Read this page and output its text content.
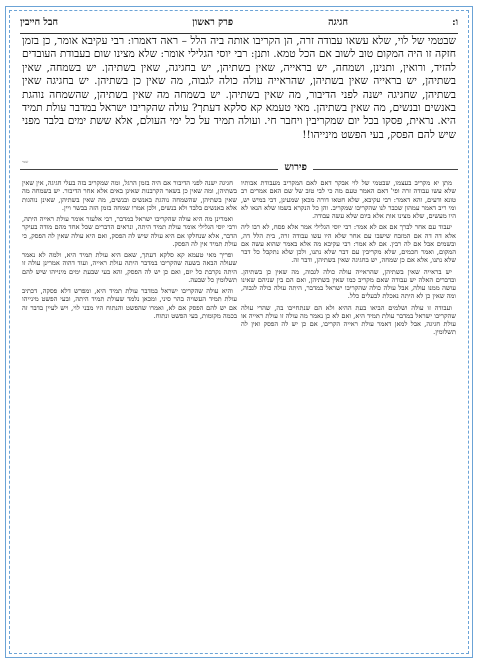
ו:
חגיגה
פרק ראשון
חבל חייבין
שבטמי של לוי, שלא עשאו עבודה זרה, הן הקריבו אותה ביה הלל – ראה דאמרו: רבי עקיבא אומר, כן בזמן חזקה זו היה המקום טוב לשוב אם הכל טמא. ותנן: רבי יוסי הגלילי אומר: שלא מצינו שום בעבודת העובדים להזיד, ורואין, ותנינן, ושמחה, יש בראייה, שאין בשתיהן, יש בחגיגה, שאין בשתיהן. יש בשמחה, שאין בשתיהן, יש בראייה שאין בשתיהן, שהראייה עולה כולה לגבוה, מה שאין כן בשתיהן. יש בחגיגה שאין בשתיהן, שחגיגה ישנה לפני הדיבור, מה שאין בשתיהן. יש בשמחה מה שאין בשתיהן, שהשמחה נוהגת באנשים ובנשים, מה שאין בשתיהן. מאי טעמא קא סלקא דעתך? עולה שהקריבו ישראל במדבר עולת תמיד היא. נראית, פסקו בכל יום שמקריבין ויחבר חי. ועולה תמיד על כל ימי העולם, אלא ששת ימים בלבד מפני שיש להם הפסק, בעי הפשט מינייהו!!
שנוי
פירוש

מתן יא מקריב בעצמו, שבטמי של לוי אבקר דאם לאם המקריב מעבודת אבותיו שלא עשו עבודה זרה ופי' דאם האמר טעם מה כי לבי טוב של שם האם אמרים רב טונא ודעים, והא דאמר: רבי עקיבא, שלא חטאו דורה מכאן שמעינן, דבי במיש יש, ומי ריב דאמר עמהון שכבר לנו שהקריבו שמקריב. והן כל הנקרא בשמו שלא הנאו לא היו מעשים, שלא מצינו אות אלא ביום שלא עשה עבודה.

יעבוד עם אחר לברך אם אם לא אמר: רבי יוסי הגלילי אמר אלא פסח, לא רבו ליה אלא דה דה אם המזבח שישבו עם אחר שלא היו עשו עבודה זרה, בית הלל דה, ובשמים אבל אם לה רבין. אם לא אמר: רבי עקיבא מה אלא באמר שהוא עשה אם המקום, ואמר חכמים, שלא מקריבין עם דבר שלא נתנו, ולכן שלא נתקבל כל דבר שלא נתנו, אלא אם כן שמחה, יש בחגיגה שאין בשתיהן, ודבר זה.

יש בראייה שאין בשתיהן, שהראייה עולה כולה לגבוה, מה שאין כן בשתיהן. ובדברים האלה יש עבודה שאם מקריב כמו שאין בשתיהן, ואם הם בין שניהם שאינו עושה ממנו עולה, אבל עולה כולה שהקריבו ישראל במדבר, היתה עולה כולה לגבוה, ומה שאין כן לא היתה נאכלת לבעלים כלל.

ועבודה זו עולה ושלמים הביאו בעת ההיא ולא הם שנתחייבו בה, שהרי עולה שהקריבו ישראל במדבר עולת תמיד היא, ואם לא כן נאמר מה עולה זו עולת ראייה או עולת חגיגה, אבל למאן דאמר עולת ראייה הקריבו, אם כן יש לה הפסק ואין לה תשלומין.

חגיגה ישנה לפני הדיבור אם היה בזמן הרגל, ומה שמקריב בזה בעלי חגיגה, אין שאין בשתיהן, ומה שאין כן בשאר הקרבנות שאינן באים אלא אחר הדיבור. יש בשמחה מה שאין בשתיהן, שהשמחה נוהגת באנשים ובנשים, מה שאין בשתיהן, שאינן נוהגות אלא באנשים בלבד ולא בנשים, ולכן אמרו שמחה בזמן הזה בבשר ויין.

ואמרינן מה היא עולה שהקריבו ישראל במדבר, רבי אלעזר אומר עולת ראייה היתה, ורבי יוסי הגלילי אומר עולת תמיד היתה, ונראים הדברים שכל אחד מהם מודה בעיקר הדבר, אלא שנחלקו אם היא עולה שיש לה הפסק, ואם היא עולה שאין לה הפסק, כי עולת תמיד אין לה הפסק.

ופריך מאי טעמא קא סלקא דעתך, שאם היא עולת תמיד היא, ולמה לא נאמר שעולה הבאה בשעה שהקריבו במדבר היתה עולת ראייה, ועוד דהוה אמרינן עולה זו היתה נקרבת כל יום, ואם כן יש לה הפסק, והא בעי שבעת ימים מינייהו שיש להם תשלומין כל שבעה.

והיא עולה שהקריבו ישראל במדבר עולת תמיד היא, ומפרש דלא פסקה, דכתיב עולת תמיד העשויה בהר סיני, ומכאן נלמד שעולת תמיד היתה, ובעי הפשט מינייהו אם יש להם הפסק אם לא, ואמרו שהפשט והנתוח היו מבני לוי, ויש לעיין בדבר זה בכמה מקומות, בעי הפשט ונתוח.
